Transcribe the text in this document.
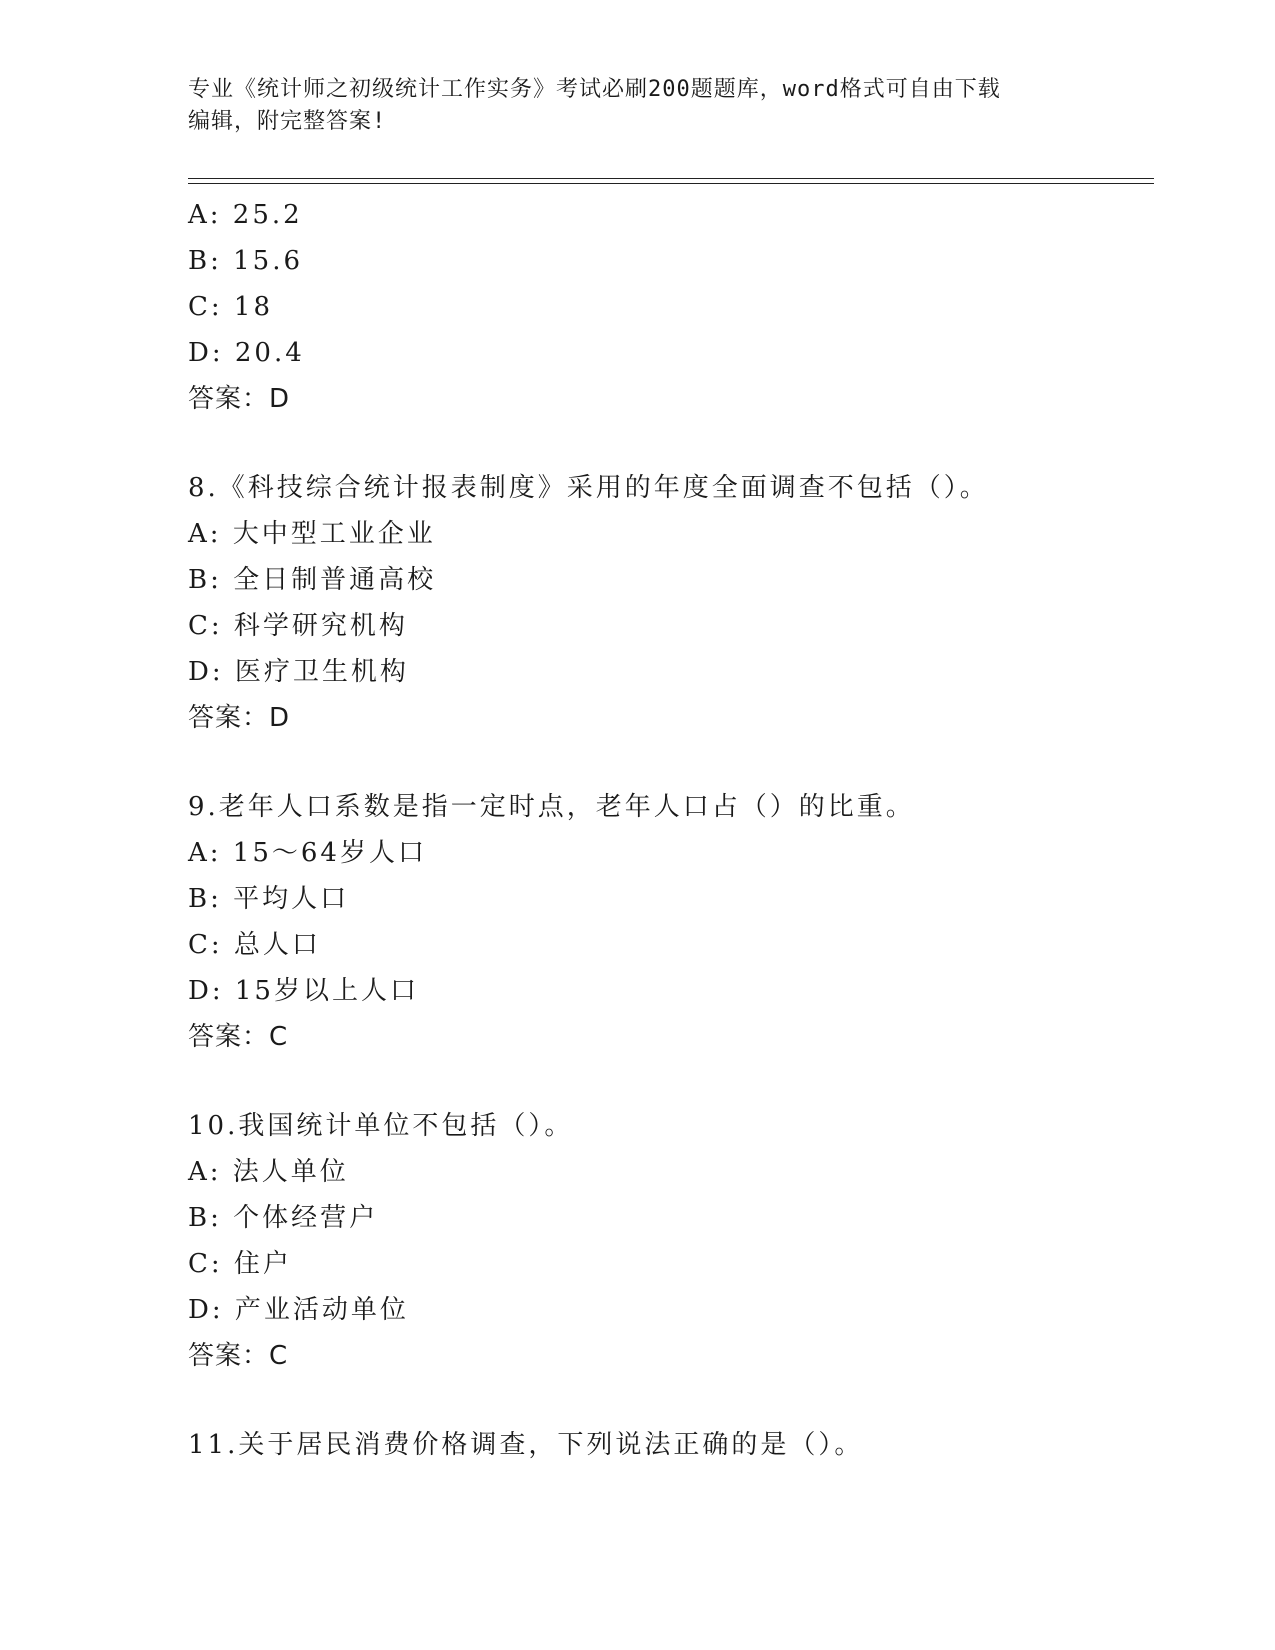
专业《统计师之初级统计工作实务》考试必刷200题题库，word格式可自由下载
编辑，附完整答案!
A: 25.2
B: 15.6
C: 18
D: 20.4
答案：D
8.《科技综合统计报表制度》采用的年度全面调查不包括（）。
A: 大中型工业企业
B: 全日制普通高校
C: 科学研究机构
D: 医疗卫生机构
答案：D
9.老年人口系数是指一定时点，老年人口占（）的比重。
A: 15～64岁人口
B: 平均人口
C: 总人口
D: 15岁以上人口
答案：C
10.我国统计单位不包括（）。
A: 法人单位
B: 个体经营户
C: 住户
D: 产业活动单位
答案：C
11.关于居民消费价格调查，下列说法正确的是（）。
